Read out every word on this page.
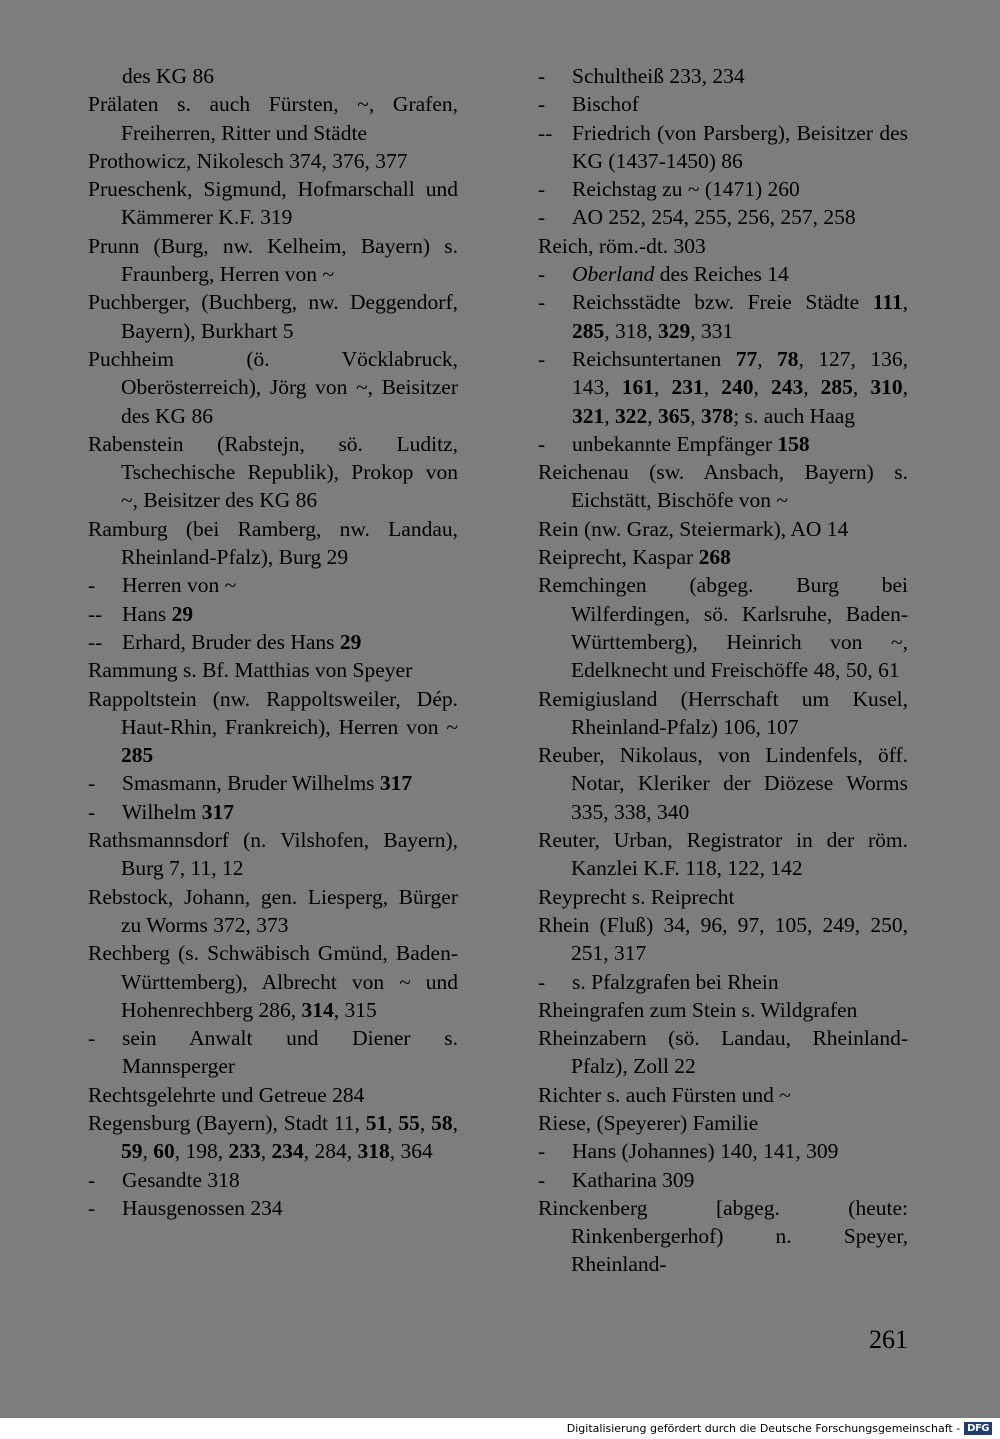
des KG 86
Prälaten s. auch Fürsten, ~, Grafen, Freiherren, Ritter und Städte
Prothowicz, Nikolesch 374, 376, 377
Prueschenk, Sigmund, Hofmarschall und Kämmerer K.F. 319
Prunn (Burg, nw. Kelheim, Bayern) s. Fraunberg, Herren von ~
Puchberger, (Buchberg, nw. Deggendorf, Bayern), Burkhart 5
Puchheim (ö. Vöcklabruck, Oberösterreich), Jörg von ~, Beisitzer des KG 86
Rabenstein (Rabstejn, sö. Luditz, Tschechische Republik), Prokop von ~, Beisitzer des KG 86
Ramburg (bei Ramberg, nw. Landau, Rheinland-Pfalz), Burg 29
-	Herren von ~
-- Hans 29
-- Erhard, Bruder des Hans 29
Rammung s. Bf. Matthias von Speyer
Rappoltstein (nw. Rappoltsweiler, Dép. Haut-Rhin, Frankreich), Herren von ~ 285
-	Smasmann, Bruder Wilhelms 317
-	Wilhelm 317
Rathsmannsdorf (n. Vilshofen, Bayern), Burg 7, 11, 12
Rebstock, Johann, gen. Liesperg, Bürger zu Worms 372, 373
Rechberg (s. Schwäbisch Gmünd, Baden-Württemberg), Albrecht von ~ und Hohenrechberg 286, 314, 315
-	sein Anwalt und Diener s. Mannsperger
Rechtsgelehrte und Getreue 284
Regensburg (Bayern), Stadt 11, 51, 55, 58, 59, 60, 198, 233, 234, 284, 318, 364
-	Gesandte 318
-	Hausgenossen 234
-	Schultheiß 233, 234
-	Bischof
-- Friedrich (von Parsberg), Beisitzer des KG (1437-1450) 86
-	Reichstag zu ~ (1471) 260
-	AO 252, 254, 255, 256, 257, 258
Reich, röm.-dt. 303
-	Oberland des Reiches 14
-	Reichsstädte bzw. Freie Städte 111, 285, 318, 329, 331
-	Reichsuntertanen 77, 78, 127, 136, 143, 161, 231, 240, 243, 285, 310, 321, 322, 365, 378; s. auch Haag
-	unbekannte Empfänger 158
Reichenau (sw. Ansbach, Bayern) s. Eichstätt, Bischöfe von ~
Rein (nw. Graz, Steiermark), AO 14
Reiprecht, Kaspar 268
Remchingen (abgeg. Burg bei Wilferdingen, sö. Karlsruhe, Baden-Württemberg), Heinrich von ~, Edelknecht und Freischöffe 48, 50, 61
Remigiusland (Herrschaft um Kusel, Rheinland-Pfalz) 106, 107
Reuber, Nikolaus, von Lindenfels, öff. Notar, Kleriker der Diözese Worms 335, 338, 340
Reuter, Urban, Registrator in der röm. Kanzlei K.F. 118, 122, 142
Reyprecht s. Reiprecht
Rhein (Fluß) 34, 96, 97, 105, 249, 250, 251, 317
-	s. Pfalzgrafen bei Rhein
Rheingrafen zum Stein s. Wildgrafen
Rheinzabern (sö. Landau, Rheinland-Pfalz), Zoll 22
Richter s. auch Fürsten und ~
Riese, (Speyerer) Familie
-	Hans (Johannes) 140, 141, 309
-	Katharina 309
Rinckenberg [abgeg. (heute: Rinkenbergerhof) n. Speyer, Rheinland-
261
Digitalisierung gefördert durch die Deutsche Forschungsgemeinschaft - DFG
